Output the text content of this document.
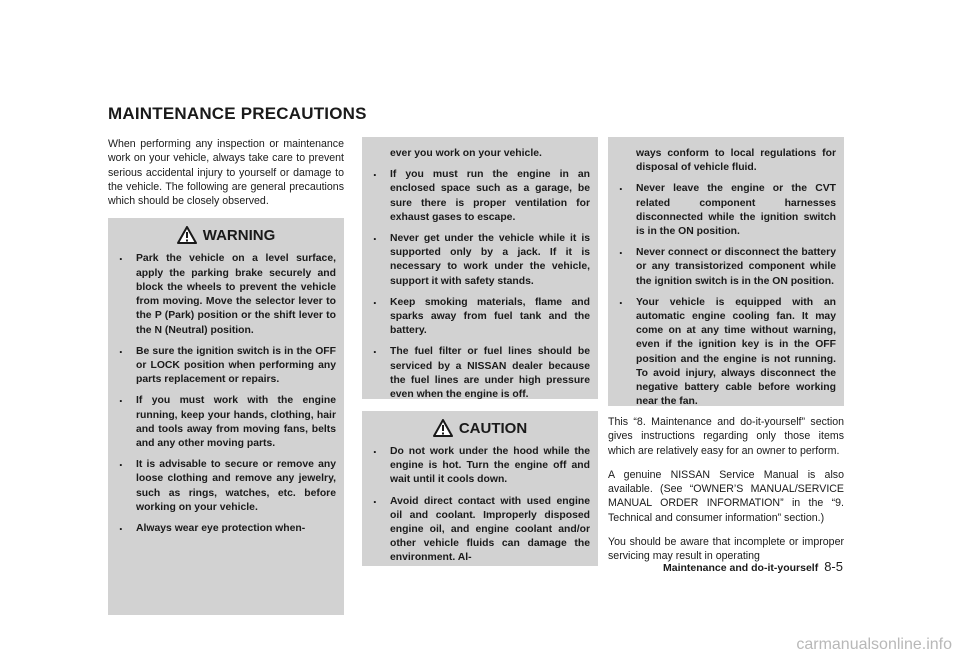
MAINTENANCE PRECAUTIONS

When performing any inspection or maintenance work on your vehicle, always take care to prevent serious accidental injury to yourself or damage to the vehicle. The following are general precautions which should be closely observed.

WARNING
. Park the vehicle on a level surface, apply the parking brake securely and block the wheels to prevent the vehicle from moving. Move the selector lever to the P (Park) position or the shift lever to the N (Neutral) position.
. Be sure the ignition switch is in the OFF or LOCK position when performing any parts replacement or repairs.
. If you must work with the engine running, keep your hands, clothing, hair and tools away from moving fans, belts and any other moving parts.
. It is advisable to secure or remove any loose clothing and remove any jewelry, such as rings, watches, etc. before working on your vehicle.
. Always wear eye protection when-
ever you work on your vehicle.
. If you must run the engine in an enclosed space such as a garage, be sure there is proper ventilation for exhaust gases to escape.
. Never get under the vehicle while it is supported only by a jack. If it is necessary to work under the vehicle, support it with safety stands.
. Keep smoking materials, flame and sparks away from fuel tank and the battery.
. The fuel filter or fuel lines should be serviced by a NISSAN dealer because the fuel lines are under high pressure even when the engine is off.
CAUTION
. Do not work under the hood while the engine is hot. Turn the engine off and wait until it cools down.
. Avoid direct contact with used engine oil and coolant. Improperly disposed engine oil, and engine coolant and/or other vehicle fluids can damage the environment. Al-
ways conform to local regulations for disposal of vehicle fluid.
. Never leave the engine or the CVT related component harnesses disconnected while the ignition switch is in the ON position.
. Never connect or disconnect the battery or any transistorized component while the ignition switch is in the ON position.
. Your vehicle is equipped with an automatic engine cooling fan. It may come on at any time without warning, even if the ignition key is in the OFF position and the engine is not running. To avoid injury, always disconnect the negative battery cable before working near the fan.

This “8. Maintenance and do-it-yourself” section gives instructions regarding only those items which are relatively easy for an owner to perform.

A genuine NISSAN Service Manual is also available. (See “OWNER’S MANUAL/SERVICE MANUAL ORDER INFORMATION” in the “9. Technical and consumer information” section.)

You should be aware that incomplete or improper servicing may result in operating

Maintenance and do-it-yourself 8-5
carmanualsonline.info
